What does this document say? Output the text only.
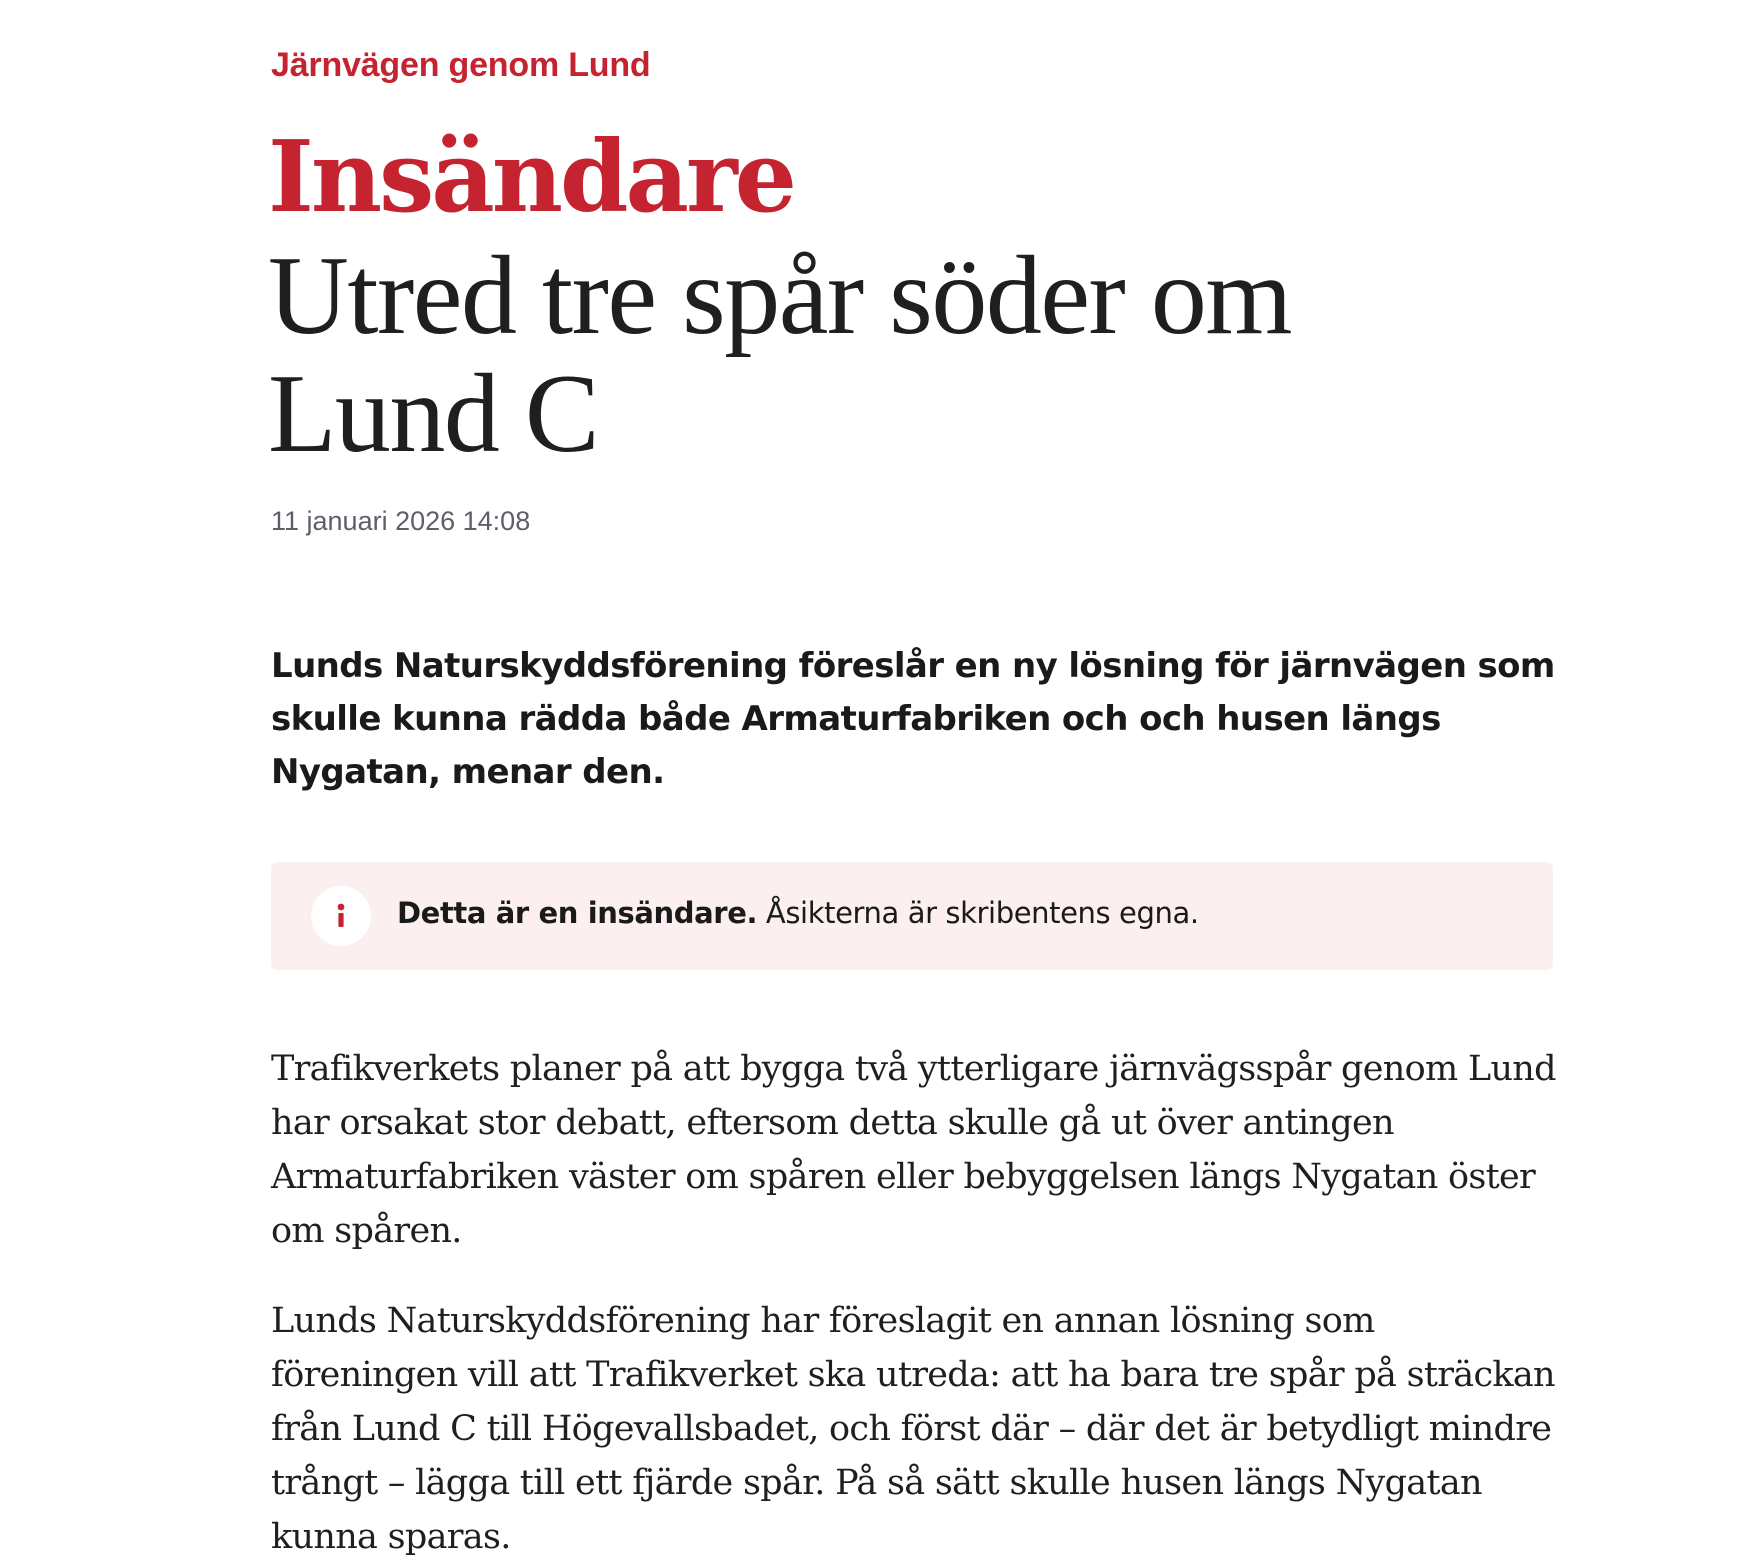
Järnvägen genom Lund
Insändare
Utred tre spår söder om Lund C
11 januari 2026 14:08

Lunds Naturskyddsförening föreslår en ny lösning för järnvägen som skulle kunna rädda både Armaturfabriken och och husen längs Nygatan, menar den.

Detta är en insändare. Åsikterna är skribentens egna.

Trafikverkets planer på att bygga två ytterligare järnvägsspår genom Lund har orsakat stor debatt, eftersom detta skulle gå ut över antingen Armaturfabriken väster om spåren eller bebyggelsen längs Nygatan öster om spåren.

Lunds Naturskyddsförening har föreslagit en annan lösning som föreningen vill att Trafikverket ska utreda: att ha bara tre spår på sträckan från Lund C till Högevallsbadet, och först där – där det är betydligt mindre trångt – lägga till ett fjärde spår. På så sätt skulle husen längs Nygatan kunna sparas.
